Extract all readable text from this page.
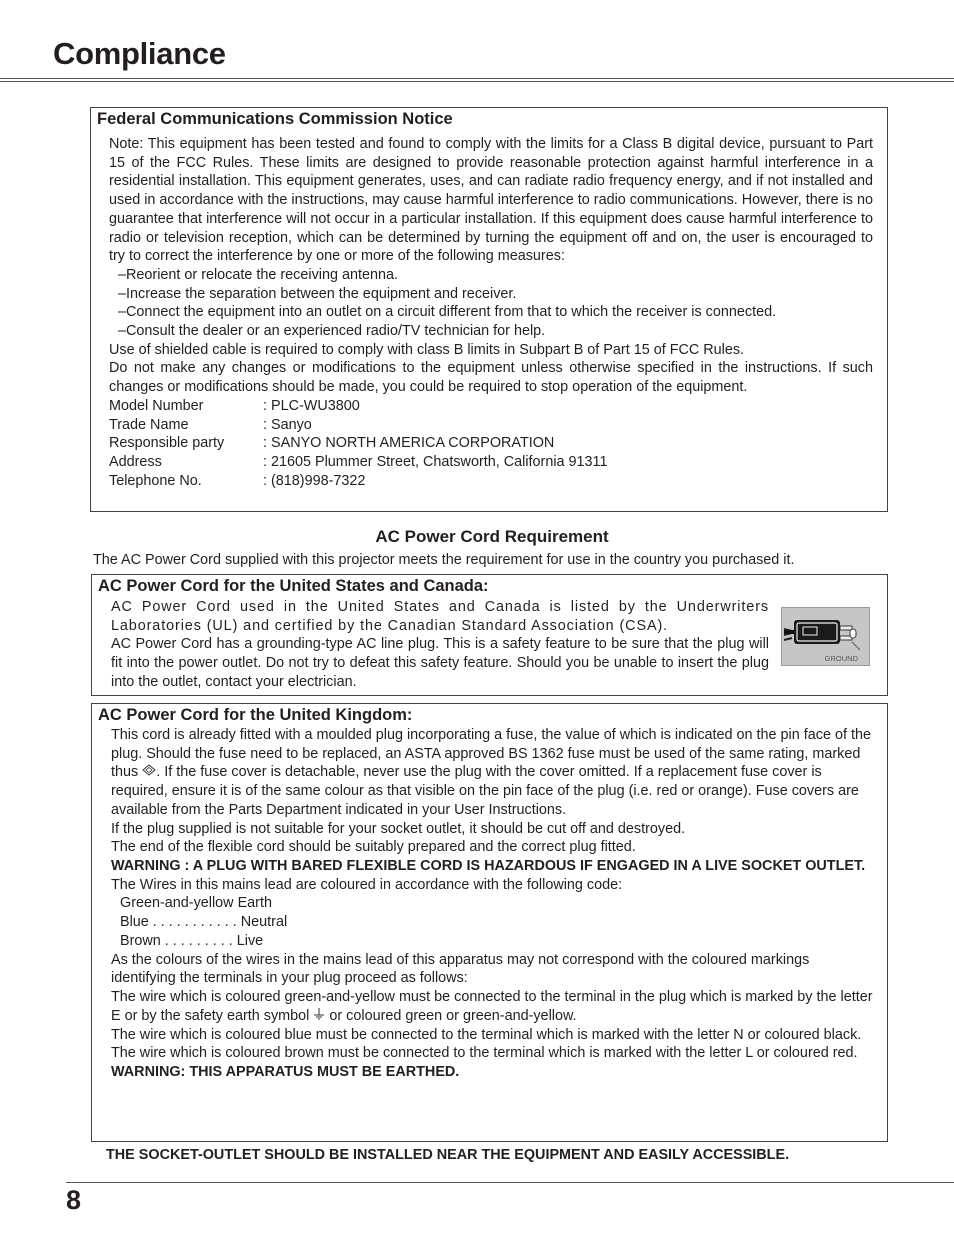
Compliance
Federal Communications Commission Notice
Note: This equipment has been tested and found to comply with the limits for a Class B digital device, pursuant to Part 15 of the FCC Rules. These limits are designed to provide reasonable protection against harmful interference in a residential installation. This equipment generates, uses, and can radiate radio frequency energy, and if not installed and used in accordance with the instructions, may cause harmful interference to radio communications. However, there is no guarantee that interference will not occur in a particular installation. If this equipment does cause harmful interference to radio or television reception, which can be determined by turning the equipment off and on, the user is encouraged to try to correct the interference by one or more of the following measures:
–Reorient or relocate the receiving antenna.
–Increase the separation between the equipment and receiver.
–Connect the equipment into an outlet on a circuit different from that to which the receiver is connected.
–Consult the dealer or an experienced radio/TV technician for help.
Use of shielded cable is required to comply with class B limits in Subpart B of Part 15 of FCC Rules.
Do not make any changes or modifications to the equipment unless otherwise specified in the instructions. If such changes or modifications should be made, you could be required to stop operation of the equipment.
Model Number	: PLC-WU3800
Trade Name	: Sanyo
Responsible party	: SANYO NORTH AMERICA CORPORATION
Address	: 21605 Plummer Street, Chatsworth, California 91311
Telephone No.	: (818)998-7322
AC Power Cord Requirement
The AC Power Cord supplied with this projector meets the requirement for use in the country you purchased it.
AC Power Cord for the United States and Canada:
AC Power Cord used in the United States and Canada is listed by the Underwriters Laboratories (UL) and certified by the Canadian Standard Association (CSA).
AC Power Cord has a grounding-type AC line plug. This is a safety feature to be sure that the plug will fit into the power outlet. Do not try to defeat this safety feature. Should you be unable to insert the plug into the outlet, contact your electrician.
GROUND
AC Power Cord for the United Kingdom:
This cord is already fitted with a moulded plug incorporating a fuse, the value of which is indicated on the pin face of the plug. Should the fuse need to be replaced, an ASTA approved BS 1362 fuse must be used of the same rating, marked thus . If the fuse cover is detachable, never use the plug with the cover omitted. If a replacement fuse cover is required, ensure it is of the same colour as that visible on the pin face of the plug (i.e. red or orange). Fuse covers are available from the Parts Department indicated in your User Instructions.
If the plug supplied is not suitable for your socket outlet, it should be cut off and destroyed.
The end of the flexible cord should be suitably prepared and the correct plug fitted.
WARNING : A PLUG WITH BARED FLEXIBLE CORD IS HAZARDOUS IF ENGAGED IN A LIVE SOCKET OUTLET.
The Wires in this mains lead are coloured in accordance with the following code:
Green-and-yellow Earth
Blue . . . . . . . . . . . Neutral
Brown . . . . . . . . . Live
As the colours of the wires in the mains lead of this apparatus may not correspond with the coloured markings identifying the terminals in your plug proceed as follows:
The wire which is coloured green-and-yellow must be connected to the terminal in the plug which is marked by the letter E or by the safety earth symbol or coloured green or green-and-yellow.
The wire which is coloured blue must be connected to the terminal which is marked with the letter N or coloured black.
The wire which is coloured brown must be connected to the terminal which is marked with the letter L or coloured red.
WARNING: THIS APPARATUS MUST BE EARTHED.
THE SOCKET-OUTLET SHOULD BE INSTALLED NEAR THE EQUIPMENT AND EASILY ACCESSIBLE.
8
